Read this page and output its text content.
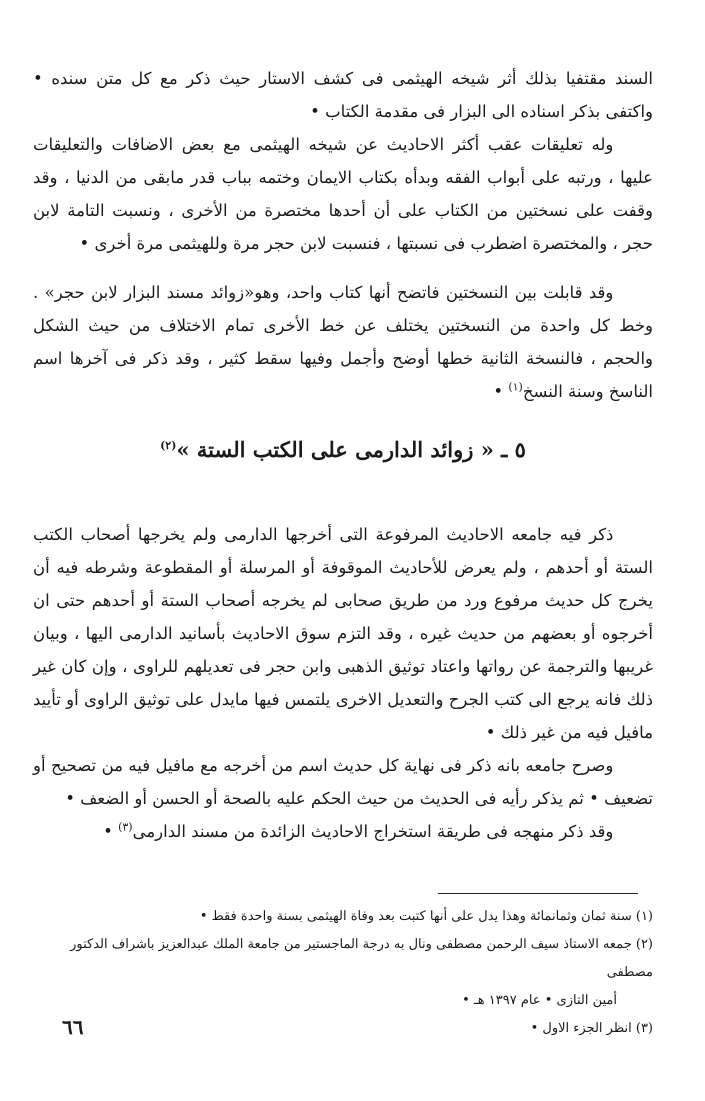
السند مقتفيا بذلك أثر شيخه الهيثمى فى كشف الاستار حيث ذكر مع كل متن سنده • واكتفى بذكر اسناده الى البزار فى مقدمة الكتاب •

وله تعليقات عقب أكثر الاحاديث عن شيخه الهيثمى مع بعض الاضافات والتعليقات عليها ، ورتبه على أبواب الفقه وبدأه بكتاب الايمان وختمه بباب قدر مابقى من الدنيا ، وقد وقفت على نسختين من الكتاب على أن أحدها مختصرة من الأخرى ، ونسبت التامة لابن حجر ، والمختصرة اضطرب فى نسبتها ، فنسبت لابن حجر مرة وللهيثمى مرة أخرى •

وقد قابلت بين النسختين فاتضح أنها كتاب واحد، وهو«زوائد مسند البزار لابن حجر» . وخط كل واحدة من النسختين يختلف عن خط الأخرى تمام الاختلاف من حيث الشكل والحجم ، فالنسخة الثانية خطها أوضح وأجمل وفيها سقط كثير ، وقد ذكر فى آخرها اسم الناسخ وسنة النسخ$^{(١)}$ •

٥ ـ « زوائد الدارمى على الكتب الستة »$^{(٢)}$

ذكر فيه جامعه الاحاديث المرفوعة التى أخرجها الدارمى ولم يخرجها أصحاب الكتب الستة أو أحدهم ، ولم يعرض للأحاديث الموقوفة أو المرسلة أو المقطوعة وشرطه فيه أن يخرج كل حديث مرفوع ورد من طريق صحابى لم يخرجه أصحاب الستة أو أحدهم حتى ان أخرجوه أو بعضهم من حديث غيره ، وقد التزم سوق الاحاديث بأسانيد الدارمى اليها ، وبيان غريبها والترجمة عن رواتها واعتاد توثيق الذهبى وابن حجر فى تعديلهم للراوى ، وإن كان غير ذلك فانه يرجع الى كتب الجرح والتعديل الاخرى يلتمس فيها مايدل على توثيق الراوى أو تأييد مافيل فيه من غير ذلك •

وصرح جامعه بانه ذكر فى نهاية كل حديث اسم من أخرجه مع مافيل فيه من تصحيح أو تضعيف • ثم يذكر رأيه فى الحديث من حيث الحكم عليه بالصحة أو الحسن أو الضعف •

وقد ذكر منهجه فى طريقة استخراج الاحاديث الزائدة من مسند الدارمى$^{(٣)}$ •

(١) سنة ثمان وثمانمائة وهذا يدل على أنها كتبت بعد وفاة الهيثمى بسنة واحدة فقط •

(٢) جمعه الاستاذ سيف الرحمن مصطفى ونال به درجة الماجستير من جامعة الملك عبدالعزيز باشراف الدكتور مصطفى

أمين التازى • عام ١٣٩٧ هـ •

(٣) انظر الجزء الاول •

٦٦
